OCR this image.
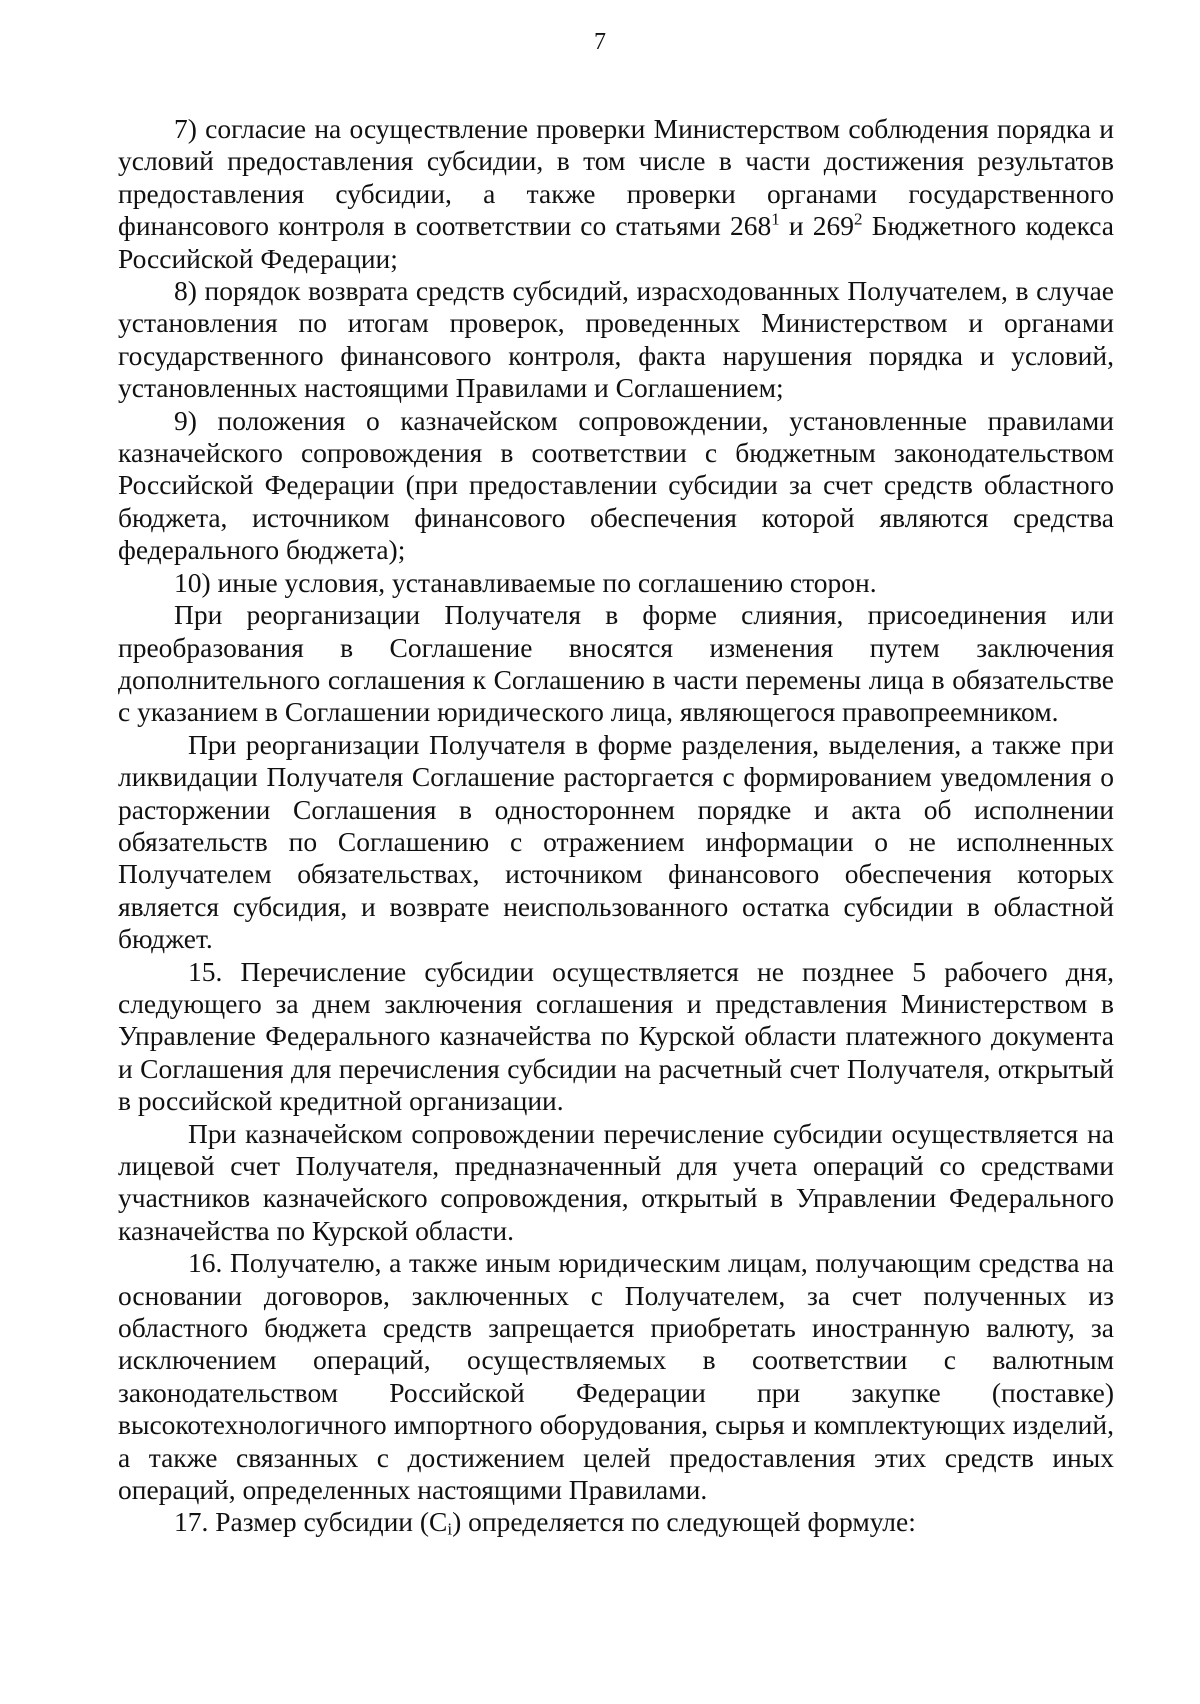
7

7) согласие на осуществление проверки Министерством соблюдения порядка и условий предоставления субсидии, в том числе в части достижения результатов предоставления субсидии, а также проверки органами государственного финансового контроля в соответствии со статьями $268^1$ и $269^2$ Бюджетного кодекса Российской Федерации;

8) порядок возврата средств субсидий, израсходованных Получателем, в случае установления по итогам проверок, проведенных Министерством и органами государственного финансового контроля, факта нарушения порядка и условий, установленных настоящими Правилами и Соглашением;

9) положения о казначейском сопровождении, установленные правилами казначейского сопровождения в соответствии с бюджетным законодательством Российской Федерации (при предоставлении субсидии за счет средств областного бюджета, источником финансового обеспечения которой являются средства федерального бюджета);

10) иные условия, устанавливаемые по соглашению сторон.

При реорганизации Получателя в форме слияния, присоединения или преобразования в Соглашение вносятся изменения путем заключения дополнительного соглашения к Соглашению в части перемены лица в обязательстве с указанием в Соглашении юридического лица, являющегося правопреемником.

При реорганизации Получателя в форме разделения, выделения, а также при ликвидации Получателя Соглашение расторгается с формированием уведомления о расторжении Соглашения в одностороннем порядке и акта об исполнении обязательств по Соглашению с отражением информации о не исполненных Получателем обязательствах, источником финансового обеспечения которых является субсидия, и возврате неиспользованного остатка субсидии в областной бюджет.

15. Перечисление субсидии осуществляется не позднее 5 рабочего дня, следующего за днем заключения соглашения и представления Министерством в Управление Федерального казначейства по Курской области платежного документа и Соглашения для перечисления субсидии на расчетный счет Получателя, открытый в российской кредитной организации.

При казначейском сопровождении перечисление субсидии осуществляется на лицевой счет Получателя, предназначенный для учета операций со средствами участников казначейского сопровождения, открытый в Управлении Федерального казначейства по Курской области.

16. Получателю, а также иным юридическим лицам, получающим средства на основании договоров, заключенных с Получателем, за счет полученных из областного бюджета средств запрещается приобретать иностранную валюту, за исключением операций, осуществляемых в соответствии с валютным законодательством Российской Федерации при закупке (поставке) высокотехнологичного импортного оборудования, сырья и комплектующих изделий, а также связанных с достижением целей предоставления этих средств иных операций, определенных настоящими Правилами.

17. Размер субсидии $(С_i)$ определяется по следующей формуле:
